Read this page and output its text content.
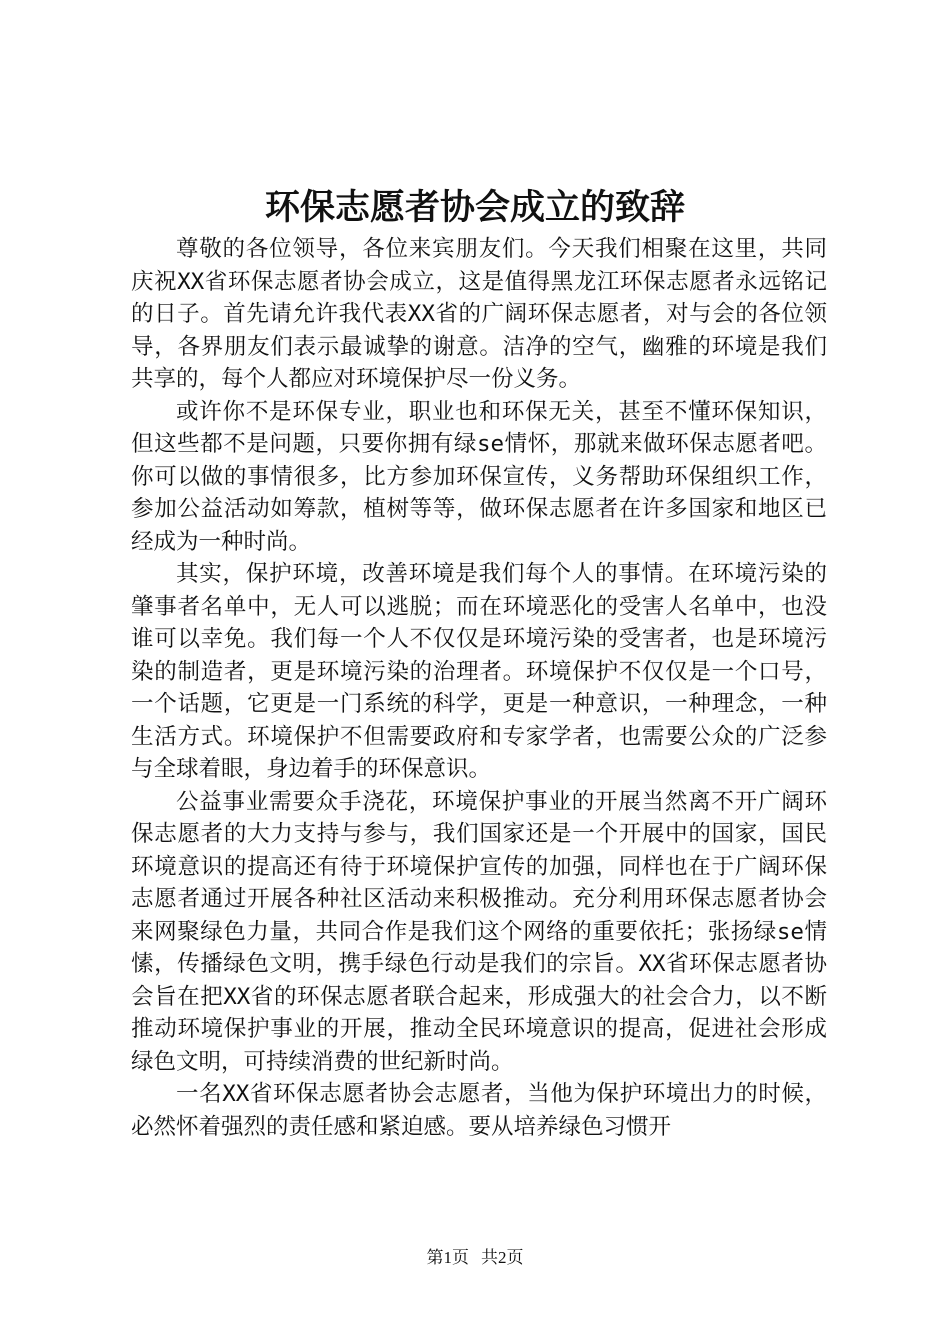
环保志愿者协会成立的致辞

尊敬的各位领导，各位来宾朋友们。今天我们相聚在这里，共同庆祝XX省环保志愿者协会成立，这是值得黑龙江环保志愿者永远铭记的日子。首先请允许我代表XX省的广阔环保志愿者，对与会的各位领导，各界朋友们表示最诚挚的谢意。洁净的空气，幽雅的环境是我们共享的，每个人都应对环境保护尽一份义务。

或许你不是环保专业，职业也和环保无关，甚至不懂环保知识，但这些都不是问题，只要你拥有绿se情怀，那就来做环保志愿者吧。你可以做的事情很多，比方参加环保宣传，义务帮助环保组织工作，参加公益活动如筹款，植树等等，做环保志愿者在许多国家和地区已经成为一种时尚。

其实，保护环境，改善环境是我们每个人的事情。在环境污染的肇事者名单中，无人可以逃脱；而在环境恶化的受害人名单中，也没谁可以幸免。我们每一个人不仅仅是环境污染的受害者，也是环境污染的制造者，更是环境污染的治理者。环境保护不仅仅是一个口号，一个话题，它更是一门系统的科学，更是一种意识，一种理念，一种生活方式。环境保护不但需要政府和专家学者，也需要公众的广泛参与全球着眼，身边着手的环保意识。

公益事业需要众手浇花，环境保护事业的开展当然离不开广阔环保志愿者的大力支持与参与，我们国家还是一个开展中的国家，国民环境意识的提高还有待于环境保护宣传的加强，同样也在于广阔环保志愿者通过开展各种社区活动来积极推动。充分利用环保志愿者协会来网聚绿色力量，共同合作是我们这个网络的重要依托；张扬绿se情愫，传播绿色文明，携手绿色行动是我们的宗旨。XX省环保志愿者协会旨在把XX省的环保志愿者联合起来，形成强大的社会合力，以不断推动环境保护事业的开展，推动全民环境意识的提高，促进社会形成绿色文明，可持续消费的世纪新时尚。

一名XX省环保志愿者协会志愿者，当他为保护环境出力的时候，必然怀着强烈的责任感和紧迫感。要从培养绿色习惯开

第1页 共2页
